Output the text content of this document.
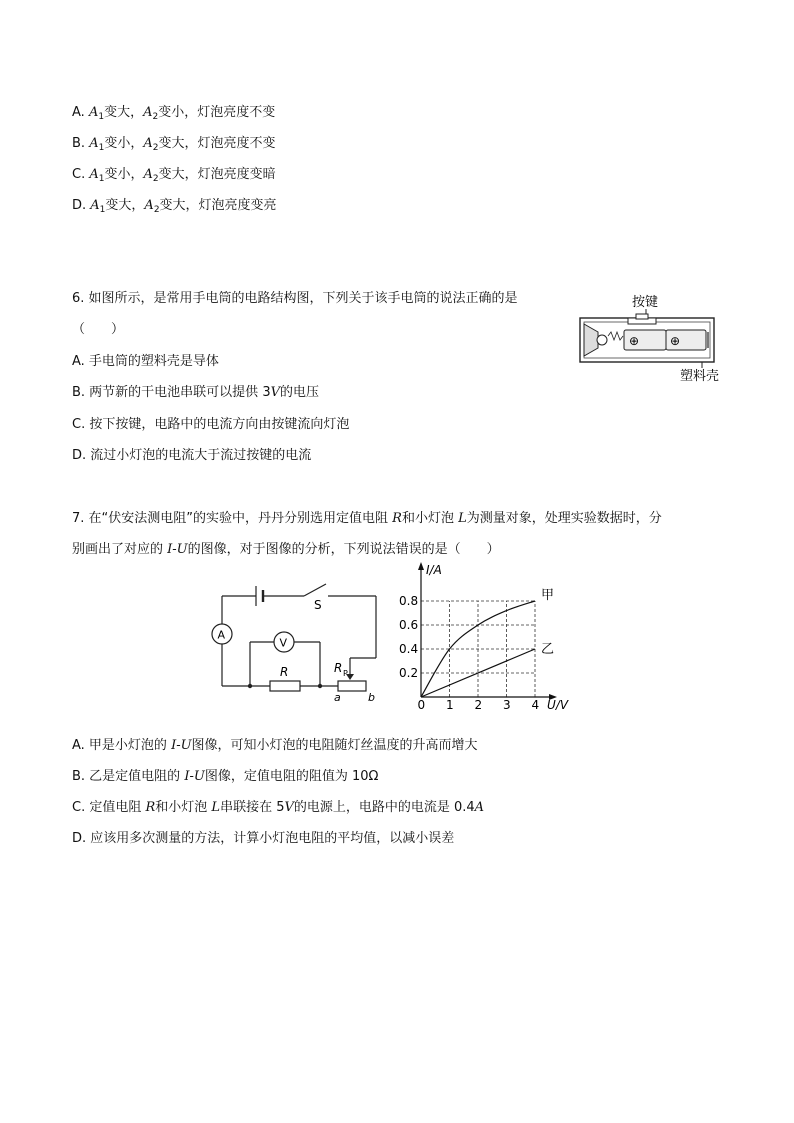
A. $A_1$变大，$A_2$变小，灯泡亮度不变
B. $A_1$变小，$A_2$变大，灯泡亮度不变
C. $A_1$变小，$A_2$变大，灯泡亮度变暗
D. $A_1$变大，$A_2$变大，灯泡亮度变亮
6. 如图所示，是常用手电筒的电路结构图，下列关于该手电筒的说法正确的是
（　　）
A. 手电筒的塑料壳是导体
B. 两节新的干电池串联可以提供 3V的电压
C. 按下按键，电路中的电流方向由按键流向灯泡
D. 流过小灯泡的电流大于流过按键的电流
按键
⊕	⊕
塑料壳
7. 在“伏安法测电阻”的实验中，丹丹分别选用定值电阻 R和小灯泡 L为测量对象，处理实验数据时，分
别画出了对应的 I-U的图像，对于图像的分析，下列说法错误的是（　　）
A
V
S
R	R P
a b
0 1 2 3 4
0.2
0.4
0.6
0.8
I/A
U/V
甲
乙
A. 甲是小灯泡的 I-U图像，可知小灯泡的电阻随灯丝温度的升高而增大
B. 乙是定值电阻的 I-U图像，定值电阻的阻值为 10Ω
C. 定值电阻 R和小灯泡 L串联接在 5V的电源上，电路中的电流是 0.4A
D. 应该用多次测量的方法，计算小灯泡电阻的平均值，以减小误差
